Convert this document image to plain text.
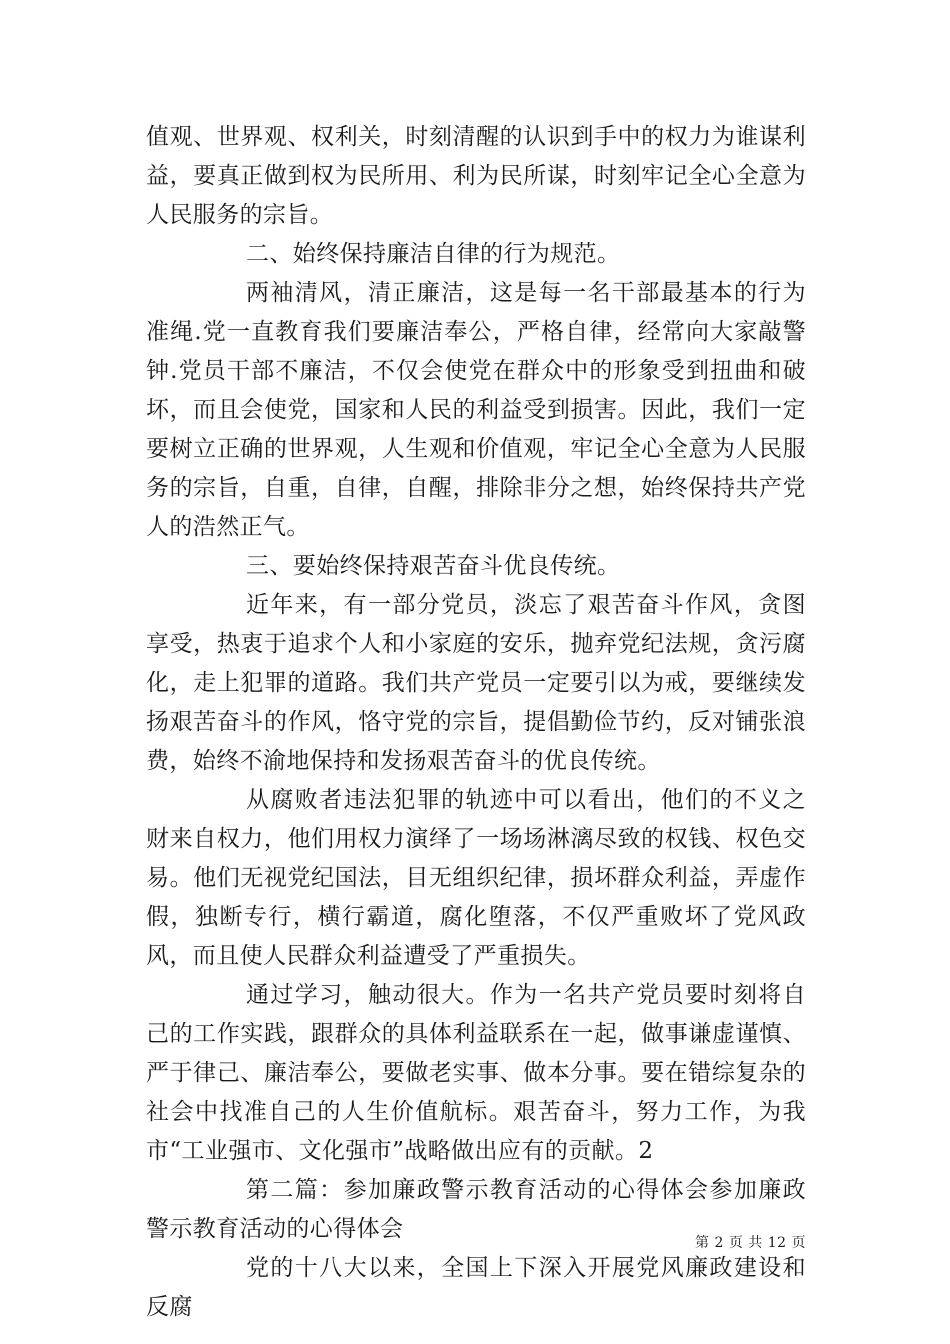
值观、世界观、权利关，时刻清醒的认识到手中的权力为谁谋利益，要真正做到权为民所用、利为民所谋，时刻牢记全心全意为人民服务的宗旨。

二、始终保持廉洁自律的行为规范。

两袖清风，清正廉洁，这是每一名干部最基本的行为准绳.党一直教育我们要廉洁奉公，严格自律，经常向大家敲警钟.党员干部不廉洁，不仅会使党在群众中的形象受到扭曲和破坏，而且会使党，国家和人民的利益受到损害。因此，我们一定要树立正确的世界观，人生观和价值观，牢记全心全意为人民服务的宗旨，自重，自律，自醒，排除非分之想，始终保持共产党人的浩然正气。

三、要始终保持艰苦奋斗优良传统。

近年来，有一部分党员，淡忘了艰苦奋斗作风，贪图享受，热衷于追求个人和小家庭的安乐，抛弃党纪法规，贪污腐化，走上犯罪的道路。我们共产党员一定要引以为戒，要继续发扬艰苦奋斗的作风，恪守党的宗旨，提倡勤俭节约，反对铺张浪费，始终不渝地保持和发扬艰苦奋斗的优良传统。

从腐败者违法犯罪的轨迹中可以看出，他们的不义之财来自权力，他们用权力演绎了一场场淋漓尽致的权钱、权色交易。他们无视党纪国法，目无组织纪律，损坏群众利益，弄虚作假，独断专行，横行霸道，腐化堕落，不仅严重败坏了党风政风，而且使人民群众利益遭受了严重损失。

通过学习，触动很大。作为一名共产党员要时刻将自己的工作实践，跟群众的具体利益联系在一起，做事谦虚谨慎、严于律己、廉洁奉公，要做老实事、做本分事。要在错综复杂的社会中找准自己的人生价值航标。艰苦奋斗，努力工作，为我市“工业强市、文化强市”战略做出应有的贡献。2

第二篇：参加廉政警示教育活动的心得体会参加廉政警示教育活动的心得体会

党的十八大以来，全国上下深入开展党风廉政建设和反腐

第 2 页 共 12 页
